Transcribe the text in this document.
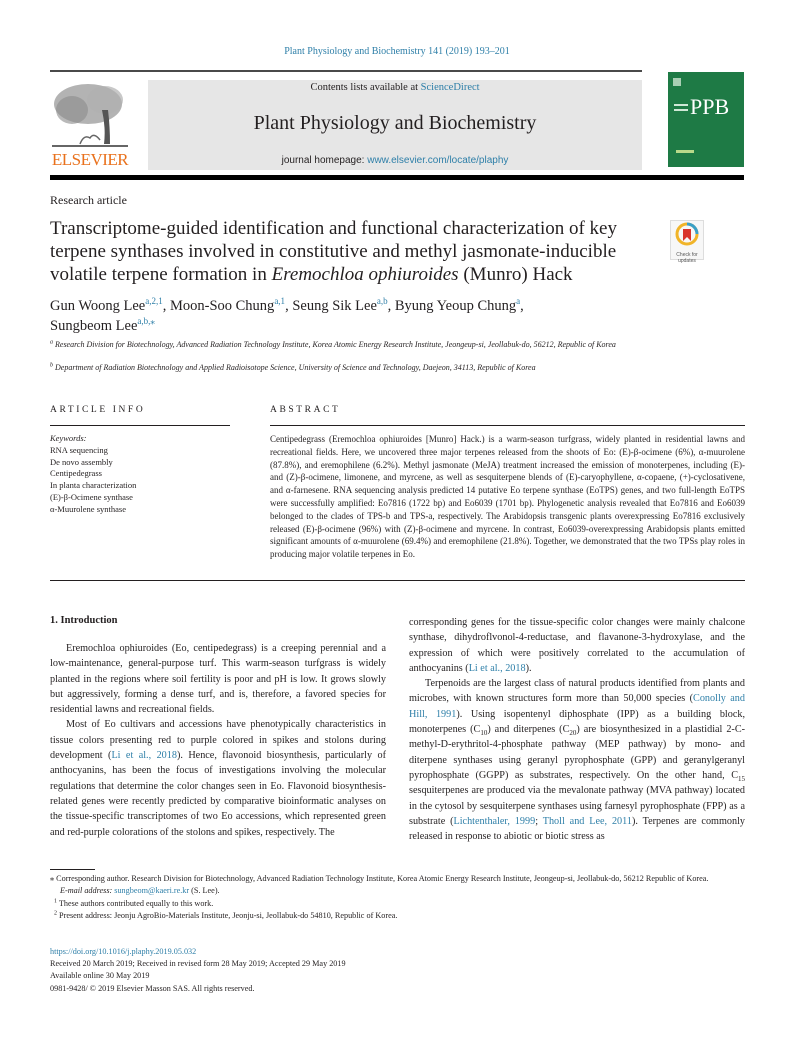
Plant Physiology and Biochemistry 141 (2019) 193–201
ELSEVIER
Contents lists available at ScienceDirect
Plant Physiology and Biochemistry
journal homepage: www.elsevier.com/locate/plaphy
PPB
Research article
Transcriptome-guided identification and functional characterization of key terpene synthases involved in constitutive and methyl jasmonate-inducible volatile terpene formation in Eremochloa ophiuroides (Munro) Hack
Check for updates
Gun Woong Lee$^{a,2,1}$, Moon-Soo Chung$^{a,1}$, Seung Sik Lee$^{a,b}$, Byung Yeoup Chung$^a$,
Sungbeom Lee$^{a,b,⁎}$
$^a$ Research Division for Biotechnology, Advanced Radiation Technology Institute, Korea Atomic Energy Research Institute, Jeongeup-si, Jeollabuk-do, 56212, Republic of Korea
$^b$ Department of Radiation Biotechnology and Applied Radioisotope Science, University of Science and Technology, Daejeon, 34113, Republic of Korea
ARTICLE INFO
Keywords:
RNA sequencing
De novo assembly
Centipedegrass
In planta characterization
(E)-β-Ocimene synthase
α-Muurolene synthase
ABSTRACT
Centipedegrass (Eremochloa ophiuroides [Munro] Hack.) is a warm-season turfgrass, widely planted in residential lawns and recreational fields. Here, we uncovered three major terpenes released from the shoots of Eo: (E)-β-ocimene (6%), α-muurolene (87.8%), and eremophilene (6.2%). Methyl jasmonate (MeJA) treatment increased the emission of monoterpenes, including (E)- and (Z)-β-ocimene, limonene, and myrcene, as well as sesquiterpene blends of (E)-caryophyllene, α-copaene, (+)-cyclosativene, and α-farnesene. RNA sequencing analysis predicted 14 putative Eo terpene synthase (EoTPS) genes, and two full-length EoTPS were successfully amplified: Eo7816 (1722 bp) and Eo6039 (1701 bp). Phylogenetic analysis revealed that Eo7816 and Eo6039 belonged to the clades of TPS-b and TPS-a, respectively. The Arabidopsis transgenic plants overexpressing Eo7816 exclusively released (E)-β-ocimene (96%) with (Z)-β-ocimene and myrcene. In contrast, Eo6039-overexpressing Arabidopsis plants emitted significant amounts of α-muurolene (69.4%) and eremophilene (21.8%). Together, we demonstrated that the two TPSs play roles in producing major volatile terpenes in Eo.
1. Introduction

Eremochloa ophiuroides (Eo, centipedegrass) is a creeping perennial and a low-maintenance, general-purpose turf. This warm-season turfgrass is widely planted in the regions where soil fertility is poor and pH is low. It grows slowly but aggressively, forming a dense turf, and is, therefore, a favored species for residential lawns and recreational fields.

Most of Eo cultivars and accessions have phenotypically characteristics in tissue colors presenting red to purple colored in spikes and stolons during development (Li et al., 2018). Hence, flavonoid biosynthesis, particularly of anthocyanins, has been the focus of investigations involving the molecular regulations that determine the color changes seen in Eo. Flavonoid biosynthesis-related genes were recently predicted by comparative bioinformatic analyses on the tissue-specific transcriptomes of two Eo accessions, which represented green and red-purple colorations of the stolons and spikes, respectively. The

corresponding genes for the tissue-specific color changes were mainly chalcone synthase, dihydroflvonol-4-reductase, and flavanone-3-hydroxylase, and the expression of which were positively correlated to the accumulation of anthocyanins (Li et al., 2018).

Terpenoids are the largest class of natural products identified from plants and microbes, with known structures form more than 50,000 species (Conolly and Hill, 1991). Using isopentenyl diphosphate (IPP) as a building block, monoterpenes $(C_{10})$ and diterpenes $(C_{20})$ are biosynthesized in a plastidial 2-C-methyl-D-erythritol-4-phosphate pathway (MEP pathway) by mono- and diterpene synthases using geranyl pyrophosphate (GPP) and geranylgeranyl pyrophosphate (GGPP) as substrates, respectively. On the other hand, $C_{15}$ sesquiterpenes are produced via the mevalonate pathway (MVA pathway) located in the cytosol by sesquiterpene synthases using farnesyl pyrophosphate (FPP) as a substrate (Lichtenthaler, 1999; Tholl and Lee, 2011). Terpenes are commonly released in response to abiotic or biotic stress as

⁎ Corresponding author. Research Division for Biotechnology, Advanced Radiation Technology Institute, Korea Atomic Energy Research Institute, Jeongeup-si, Jeollabuk-do, 56212 Republic of Korea.
E-mail address: sungbeom@kaeri.re.kr (S. Lee).
$^1$ These authors contributed equally to this work.
$^2$ Present address: Jeonju AgroBio-Materials Institute, Jeonju-si, Jeollabuk-do 54810, Republic of Korea.
https://doi.org/10.1016/j.plaphy.2019.05.032
Received 20 March 2019; Received in revised form 28 May 2019; Accepted 29 May 2019
Available online 30 May 2019
0981-9428/ © 2019 Elsevier Masson SAS. All rights reserved.
